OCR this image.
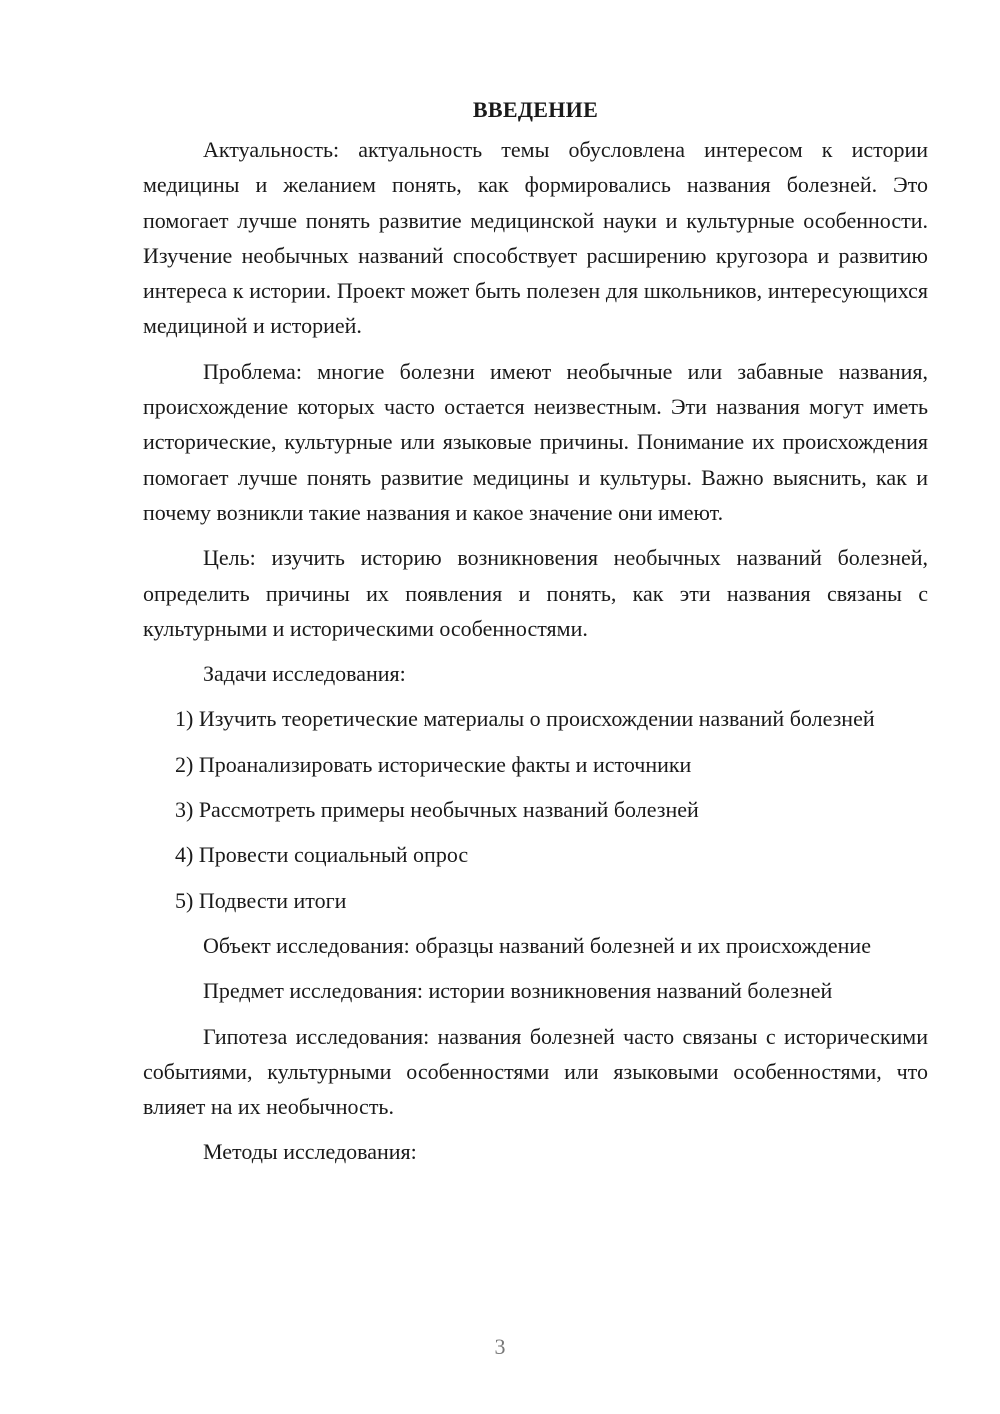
ВВЕДЕНИЕ

Актуальность: актуальность темы обусловлена интересом к истории медицины и желанием понять, как формировались названия болезней. Это помогает лучше понять развитие медицинской науки и культурные особенности. Изучение необычных названий способствует расширению кругозора и развитию интереса к истории. Проект может быть полезен для школьников, интересующихся медициной и историей.

Проблема: многие болезни имеют необычные или забавные названия, происхождение которых часто остается неизвестным. Эти названия могут иметь исторические, культурные или языковые причины. Понимание их происхождения помогает лучше понять развитие медицины и культуры. Важно выяснить, как и почему возникли такие названия и какое значение они имеют.

Цель: изучить историю возникновения необычных названий болезней, определить причины их появления и понять, как эти названия связаны с культурными и историческими особенностями.

Задачи исследования:

1) Изучить теоретические материалы о происхождении названий болезней

2) Проанализировать исторические факты и источники

3) Рассмотреть примеры необычных названий болезней

4) Провести социальный опрос

5) Подвести итоги

Объект исследования: образцы названий болезней и их происхождение

Предмет исследования: истории возникновения названий болезней

Гипотеза исследования: названия болезней часто связаны с историческими событиями, культурными особенностями или языковыми особенностями, что влияет на их необычность.

Методы исследования:

3
